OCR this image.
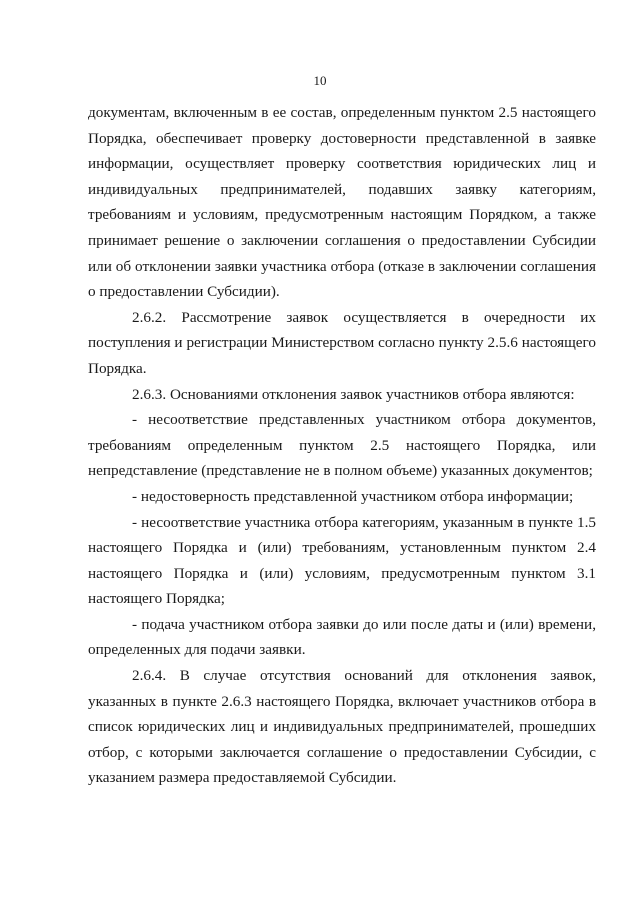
10

документам, включенным в ее состав, определенным пунктом 2.5 настоящего Порядка, обеспечивает проверку достоверности представленной в заявке информации, осуществляет проверку соответствия юридических лиц и индивидуальных предпринимателей, подавших заявку категориям, требованиям и условиям, предусмотренным настоящим Порядком, а также принимает решение о заключении соглашения о предоставлении Субсидии или об отклонении заявки участника отбора (отказе в заключении соглашения о предоставлении Субсидии).

2.6.2. Рассмотрение заявок осуществляется в очередности их поступления и регистрации Министерством согласно пункту 2.5.6 настоящего Порядка.

2.6.3. Основаниями отклонения заявок участников отбора являются:

- несоответствие представленных участником отбора документов, требованиям определенным пунктом 2.5 настоящего Порядка, или непредставление (представление не в полном объеме) указанных документов;

- недостоверность представленной участником отбора информации;

- несоответствие участника отбора категориям, указанным в пункте 1.5 настоящего Порядка и (или) требованиям, установленным пунктом 2.4 настоящего Порядка и (или) условиям, предусмотренным пунктом 3.1 настоящего Порядка;

- подача участником отбора заявки до или после даты и (или) времени, определенных для подачи заявки.

2.6.4. В случае отсутствия оснований для отклонения заявок, указанных в пункте 2.6.3 настоящего Порядка, включает участников отбора в список юридических лиц и индивидуальных предпринимателей, прошедших отбор, с которыми заключается соглашение о предоставлении Субсидии, с указанием размера предоставляемой Субсидии.
